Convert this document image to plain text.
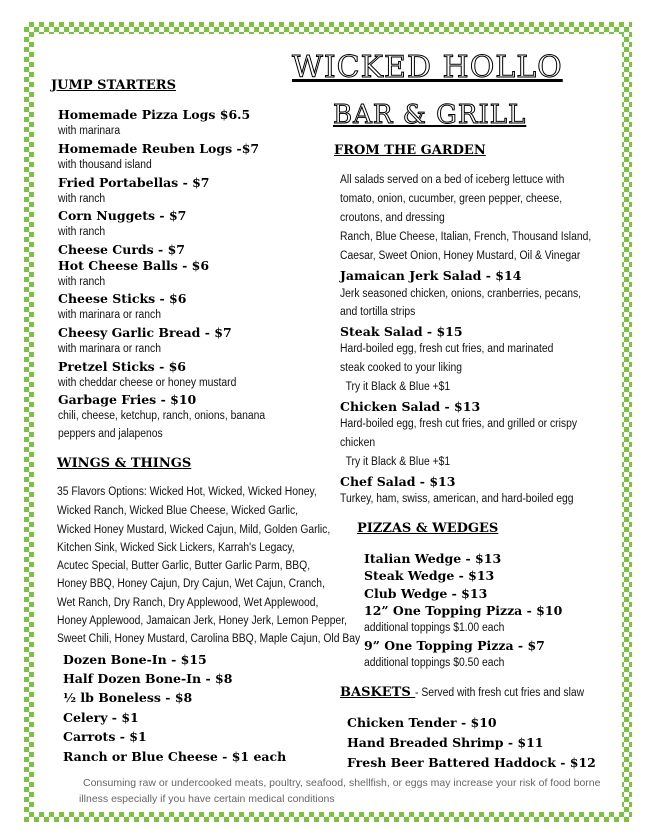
WICKED HOLLO
BAR & GRILL
JUMP STARTERS
Homemade Pizza Logs $6.5
with marinara
Homemade Reuben Logs -$7
with thousand island
Fried Portabellas - $7
with ranch
Corn Nuggets - $7
with ranch
Cheese Curds - $7
Hot Cheese Balls - $6
with ranch
Cheese Sticks - $6
with marinara or ranch
Cheesy Garlic Bread - $7
with marinara or ranch
Pretzel Sticks - $6
with cheddar cheese or honey mustard
Garbage Fries - $10
chili, cheese, ketchup, ranch, onions, banana
peppers and jalapenos
WINGS & THINGS
35 Flavors Options: Wicked Hot, Wicked, Wicked Honey,
Wicked Ranch, Wicked Blue Cheese, Wicked Garlic,
Wicked Honey Mustard, Wicked Cajun, Mild, Golden Garlic,
Kitchen Sink, Wicked Sick Lickers, Karrah's Legacy,
Acutec Special, Butter Garlic, Butter Garlic Parm, BBQ,
Honey BBQ, Honey Cajun, Dry Cajun, Wet Cajun, Cranch,
Wet Ranch, Dry Ranch, Dry Applewood, Wet Applewood,
Honey Applewood, Jamaican Jerk, Honey Jerk, Lemon Pepper,
Sweet Chili, Honey Mustard, Carolina BBQ, Maple Cajun, Old Bay
Dozen Bone-In - $15
Half Dozen Bone-In - $8
½ lb Boneless - $8
Celery - $1
Carrots - $1
Ranch or Blue Cheese - $1 each
FROM THE GARDEN
All salads served on a bed of iceberg lettuce with
tomato, onion, cucumber, green pepper, cheese,
croutons, and dressing
Ranch, Blue Cheese, Italian, French, Thousand Island,
Caesar, Sweet Onion, Honey Mustard, Oil & Vinegar
Jamaican Jerk Salad - $14
Jerk seasoned chicken, onions, cranberries, pecans,
and tortilla strips
Steak Salad - $15
Hard-boiled egg, fresh cut fries, and marinated
steak cooked to your liking
Try it Black & Blue +$1
Chicken Salad - $13
Hard-boiled egg, fresh cut fries, and grilled or crispy
chicken
Try it Black & Blue +$1
Chef Salad - $13
Turkey, ham, swiss, american, and hard-boiled egg
PIZZAS & WEDGES
Italian Wedge - $13
Steak Wedge - $13
Club Wedge - $13
12” One Topping Pizza - $10
additional toppings $1.00 each
9” One Topping Pizza - $7
additional toppings $0.50 each
BASKETS - Served with fresh cut fries and slaw
Chicken Tender - $10
Hand Breaded Shrimp - $11
Fresh Beer Battered Haddock - $12
Consuming raw or undercooked meats, poultry, seafood, shellfish, or eggs may increase your risk of food borne
illness especially if you have certain medical conditions
